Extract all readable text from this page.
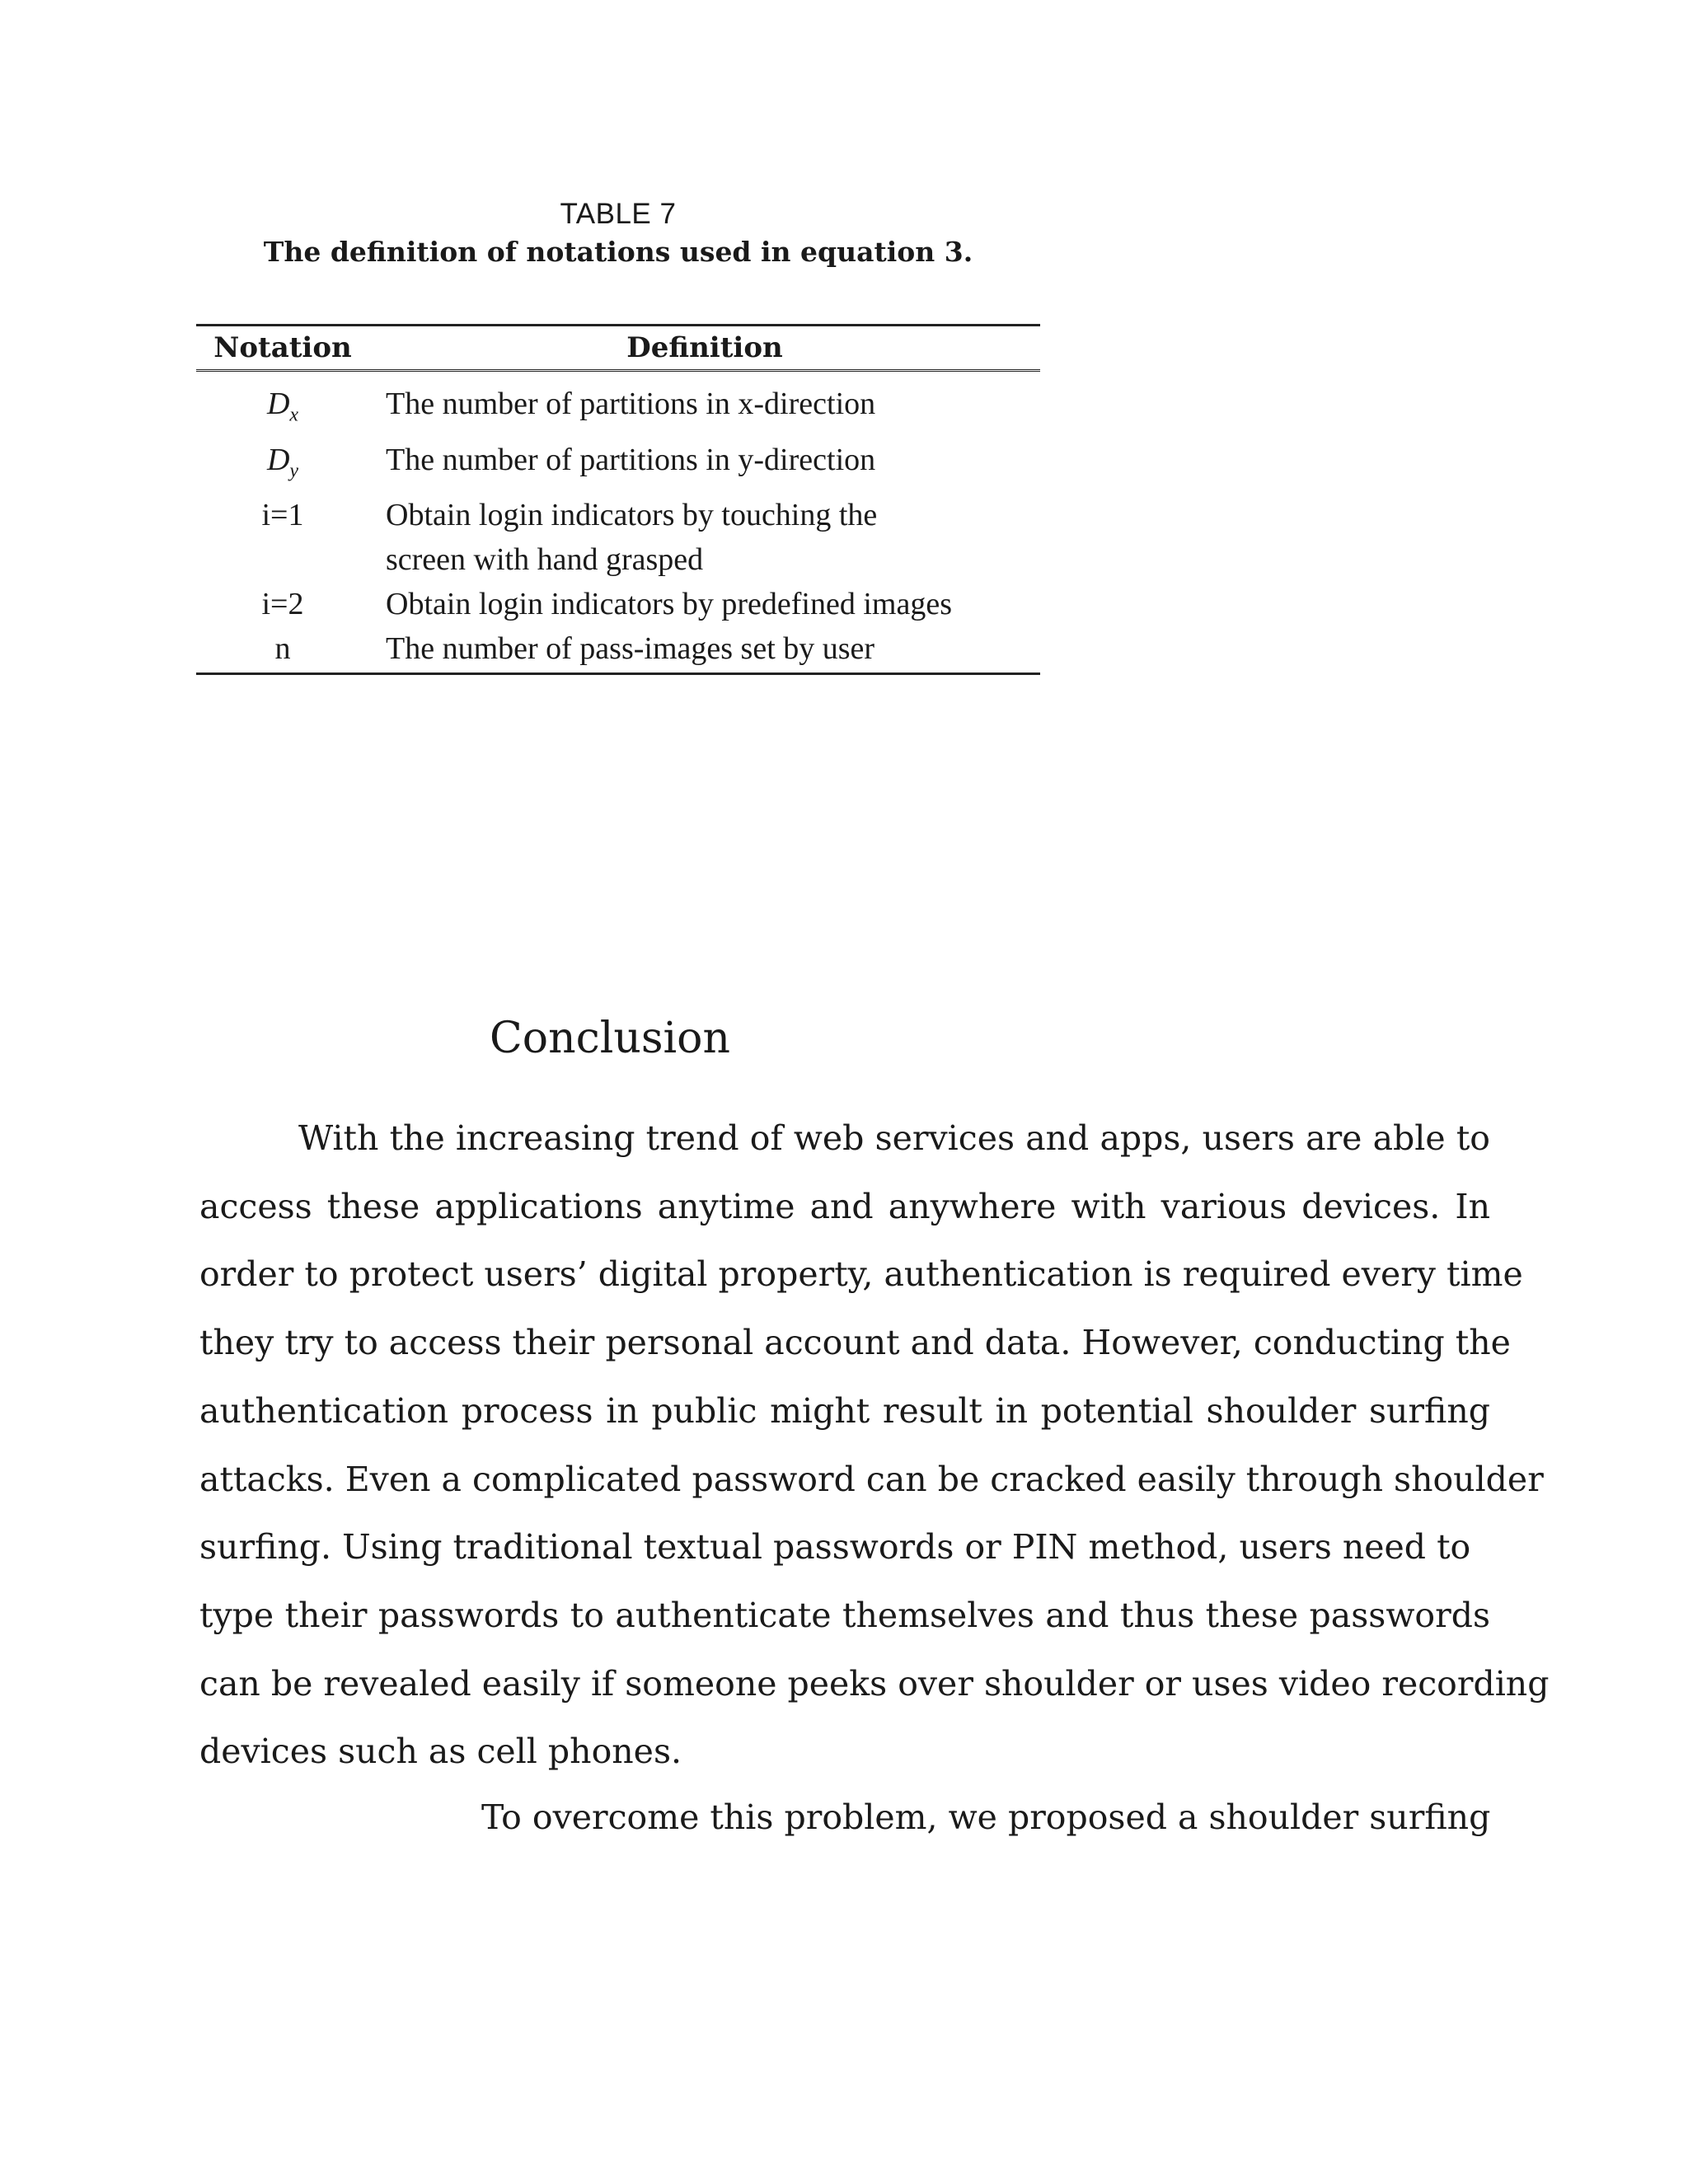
TABLE 7
The definition of notations used in equation 3.
Notation	Definition
$D_x$	The number of partitions in x-direction

$D_y$	The number of partitions in y-direction

i=1	Obtain login indicators by touching the
screen with hand grasped

i=2	Obtain login indicators by predefined images

n	The number of pass-images set by user
Conclusion

With the increasing trend of web services and apps, users are able to
access these applications anytime and anywhere with various devices. In
order to protect users’ digital property, authentication is required every time
they try to access their personal account and data. However, conducting the
authentication process in public might result in potential shoulder surfing
attacks. Even a complicated password can be cracked easily through shoulder
surfing. Using traditional textual passwords or PIN method, users need to
type their passwords to authenticate themselves and thus these passwords
can be revealed easily if someone peeks over shoulder or uses video recording
devices such as cell phones.

To overcome this problem, we proposed a shoulder surfing
